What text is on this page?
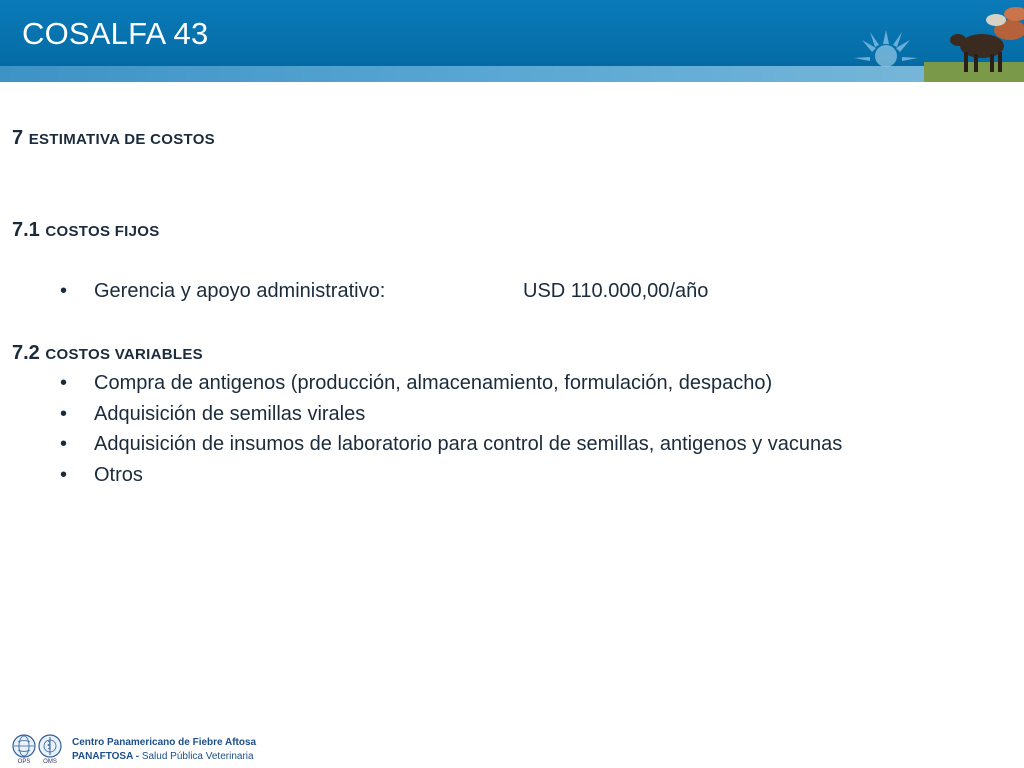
COSALFA 43
7 ESTIMATIVA DE COSTOS
7.1 COSTOS FIJOS
• Gerencia y apoyo administrativo:	USD 110.000,00/año
7.2 COSTOS VARIABLES
• Compra de antigenos (producción, almacenamiento, formulación, despacho)
• Adquisición de semillas virales
• Adquisición de insumos de laboratorio para control de semillas, antigenos y vacunas
• Otros
OPS	OMS
Centro Panamericano de Fiebre Aftosa
PANAFTOSA - Salud Pública Veterinaria
